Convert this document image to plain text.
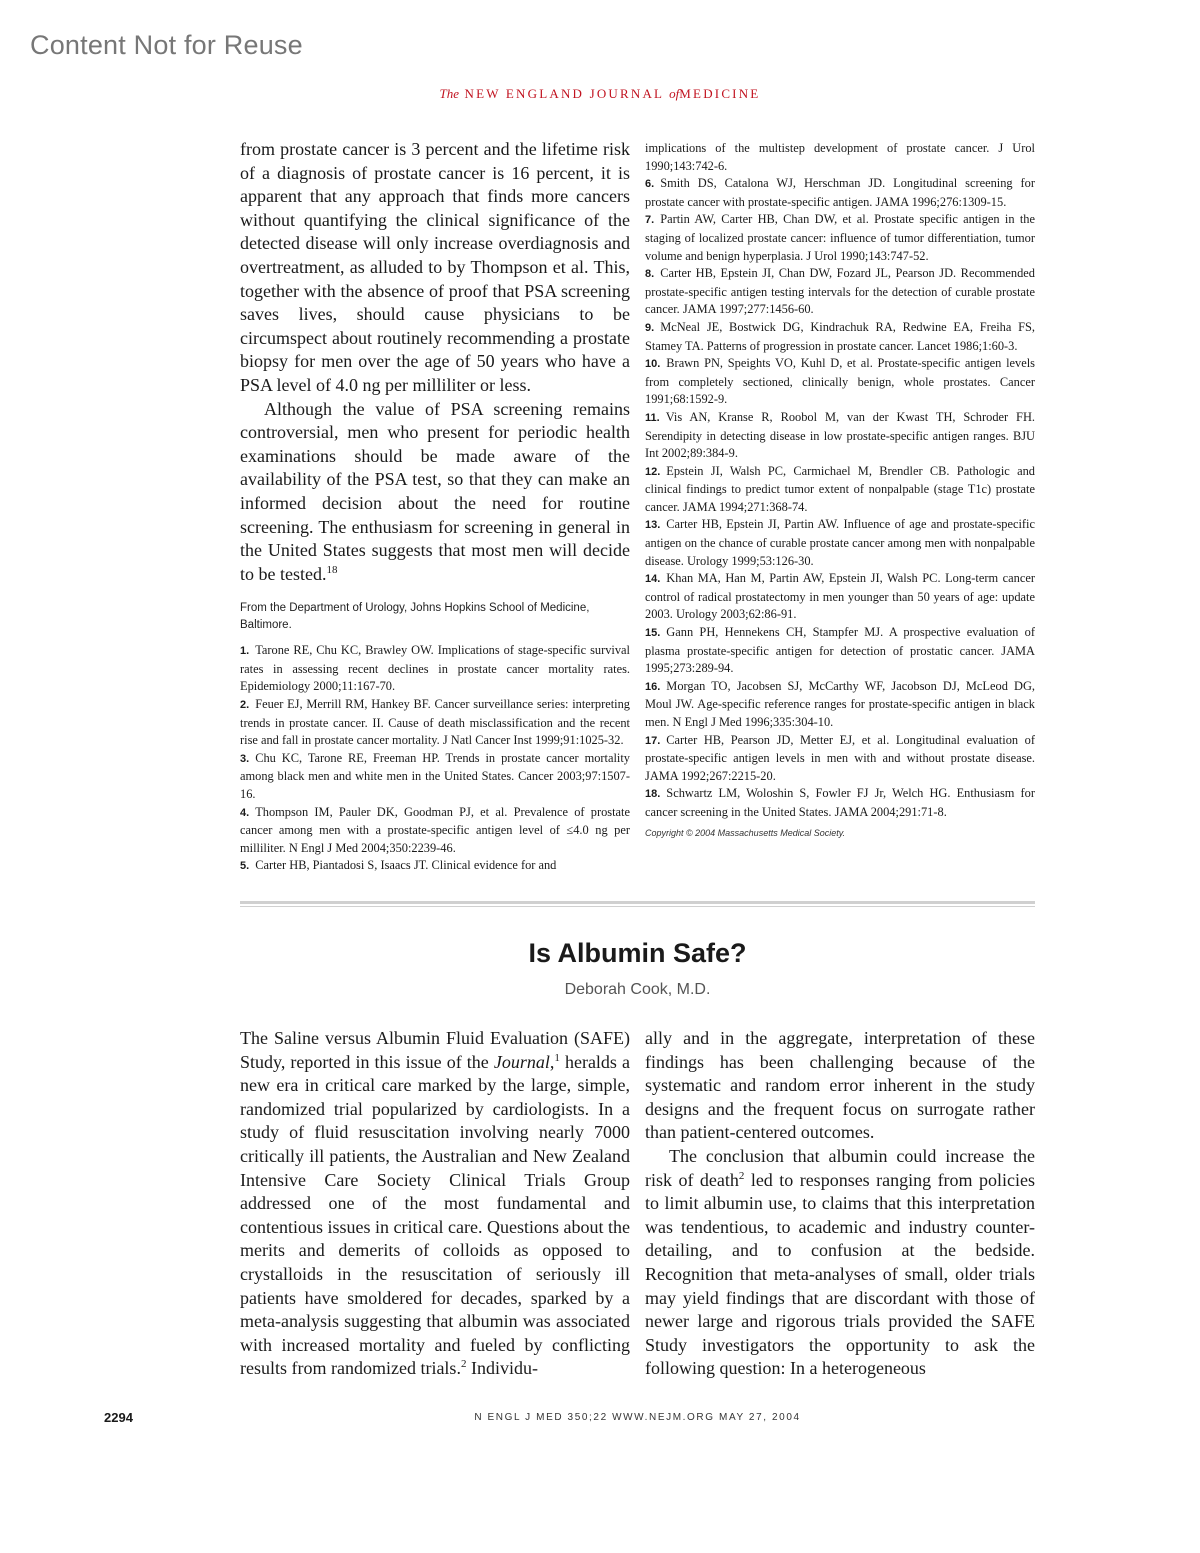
Content Not for Reuse
The NEW ENGLAND JOURNAL ofMEDICINE

from prostate cancer is 3 percent and the lifetime risk of a diagnosis of prostate cancer is 16 percent, it is apparent that any approach that finds more cancers without quantifying the clinical significance of the detected disease will only increase overdiagnosis and overtreatment, as alluded to by Thompson et al. This, together with the absence of proof that PSA screening saves lives, should cause physicians to be circumspect about routinely recommending a prostate biopsy for men over the age of 50 years who have a PSA level of 4.0 ng per milliliter or less.

Although the value of PSA screening remains controversial, men who present for periodic health examinations should be made aware of the availability of the PSA test, so that they can make an informed decision about the need for routine screening. The enthusiasm for screening in general in the United States suggests that most men will decide to be tested.$^{18}$

From the Department of Urology, Johns Hopkins School of Medicine, Baltimore.

1. Tarone RE, Chu KC, Brawley OW. Implications of stage-specific survival rates in assessing recent declines in prostate cancer mortality rates. Epidemiology 2000;11:167-70.

2. Feuer EJ, Merrill RM, Hankey BF. Cancer surveillance series: interpreting trends in prostate cancer. II. Cause of death misclassification and the recent rise and fall in prostate cancer mortality. J Natl Cancer Inst 1999;91:1025-32.

3. Chu KC, Tarone RE, Freeman HP. Trends in prostate cancer mortality among black men and white men in the United States. Cancer 2003;97:1507-16.

4. Thompson IM, Pauler DK, Goodman PJ, et al. Prevalence of prostate cancer among men with a prostate-specific antigen level of ≤4.0 ng per milliliter. N Engl J Med 2004;350:2239-46.

5. Carter HB, Piantadosi S, Isaacs JT. Clinical evidence for and

implications of the multistep development of prostate cancer. J Urol 1990;143:742-6.

6. Smith DS, Catalona WJ, Herschman JD. Longitudinal screening for prostate cancer with prostate-specific antigen. JAMA 1996;276:1309-15.

7. Partin AW, Carter HB, Chan DW, et al. Prostate specific antigen in the staging of localized prostate cancer: influence of tumor differentiation, tumor volume and benign hyperplasia. J Urol 1990;143:747-52.

8. Carter HB, Epstein JI, Chan DW, Fozard JL, Pearson JD. Recommended prostate-specific antigen testing intervals for the detection of curable prostate cancer. JAMA 1997;277:1456-60.

9. McNeal JE, Bostwick DG, Kindrachuk RA, Redwine EA, Freiha FS, Stamey TA. Patterns of progression in prostate cancer. Lancet 1986;1:60-3.

10. Brawn PN, Speights VO, Kuhl D, et al. Prostate-specific antigen levels from completely sectioned, clinically benign, whole prostates. Cancer 1991;68:1592-9.

11. Vis AN, Kranse R, Roobol M, van der Kwast TH, Schroder FH. Serendipity in detecting disease in low prostate-specific antigen ranges. BJU Int 2002;89:384-9.

12. Epstein JI, Walsh PC, Carmichael M, Brendler CB. Pathologic and clinical findings to predict tumor extent of nonpalpable (stage T1c) prostate cancer. JAMA 1994;271:368-74.

13. Carter HB, Epstein JI, Partin AW. Influence of age and prostate-specific antigen on the chance of curable prostate cancer among men with nonpalpable disease. Urology 1999;53:126-30.

14. Khan MA, Han M, Partin AW, Epstein JI, Walsh PC. Long-term cancer control of radical prostatectomy in men younger than 50 years of age: update 2003. Urology 2003;62:86-91.

15. Gann PH, Hennekens CH, Stampfer MJ. A prospective evaluation of plasma prostate-specific antigen for detection of prostatic cancer. JAMA 1995;273:289-94.

16. Morgan TO, Jacobsen SJ, McCarthy WF, Jacobson DJ, McLeod DG, Moul JW. Age-specific reference ranges for prostate-specific antigen in black men. N Engl J Med 1996;335:304-10.

17. Carter HB, Pearson JD, Metter EJ, et al. Longitudinal evaluation of prostate-specific antigen levels in men with and without prostate disease. JAMA 1992;267:2215-20.

18. Schwartz LM, Woloshin S, Fowler FJ Jr, Welch HG. Enthusiasm for cancer screening in the United States. JAMA 2004;291:71-8.

Copyright © 2004 Massachusetts Medical Society.
Is Albumin Safe?
Deborah Cook, M.D.

The Saline versus Albumin Fluid Evaluation (SAFE) Study, reported in this issue of the Journal,$^1$ heralds a new era in critical care marked by the large, simple, randomized trial popularized by cardiologists. In a study of fluid resuscitation involving nearly 7000 critically ill patients, the Australian and New Zealand Intensive Care Society Clinical Trials Group addressed one of the most fundamental and contentious issues in critical care. Questions about the merits and demerits of colloids as opposed to crystalloids in the resuscitation of seriously ill patients have smoldered for decades, sparked by a meta-analysis suggesting that albumin was associated with increased mortality and fueled by conflicting results from randomized trials.$^2$ Individu-

ally and in the aggregate, interpretation of these findings has been challenging because of the systematic and random error inherent in the study designs and the frequent focus on surrogate rather than patient-centered outcomes.

The conclusion that albumin could increase the risk of death$^2$ led to responses ranging from policies to limit albumin use, to claims that this interpretation was tendentious, to academic and industry counter-detailing, and to confusion at the bedside. Recognition that meta-analyses of small, older trials may yield findings that are discordant with those of newer large and rigorous trials provided the SAFE Study investigators the opportunity to ask the following question: In a heterogeneous

2294	N ENGL J MED 350;22 WWW.NEJM.ORG MAY 27, 2004
